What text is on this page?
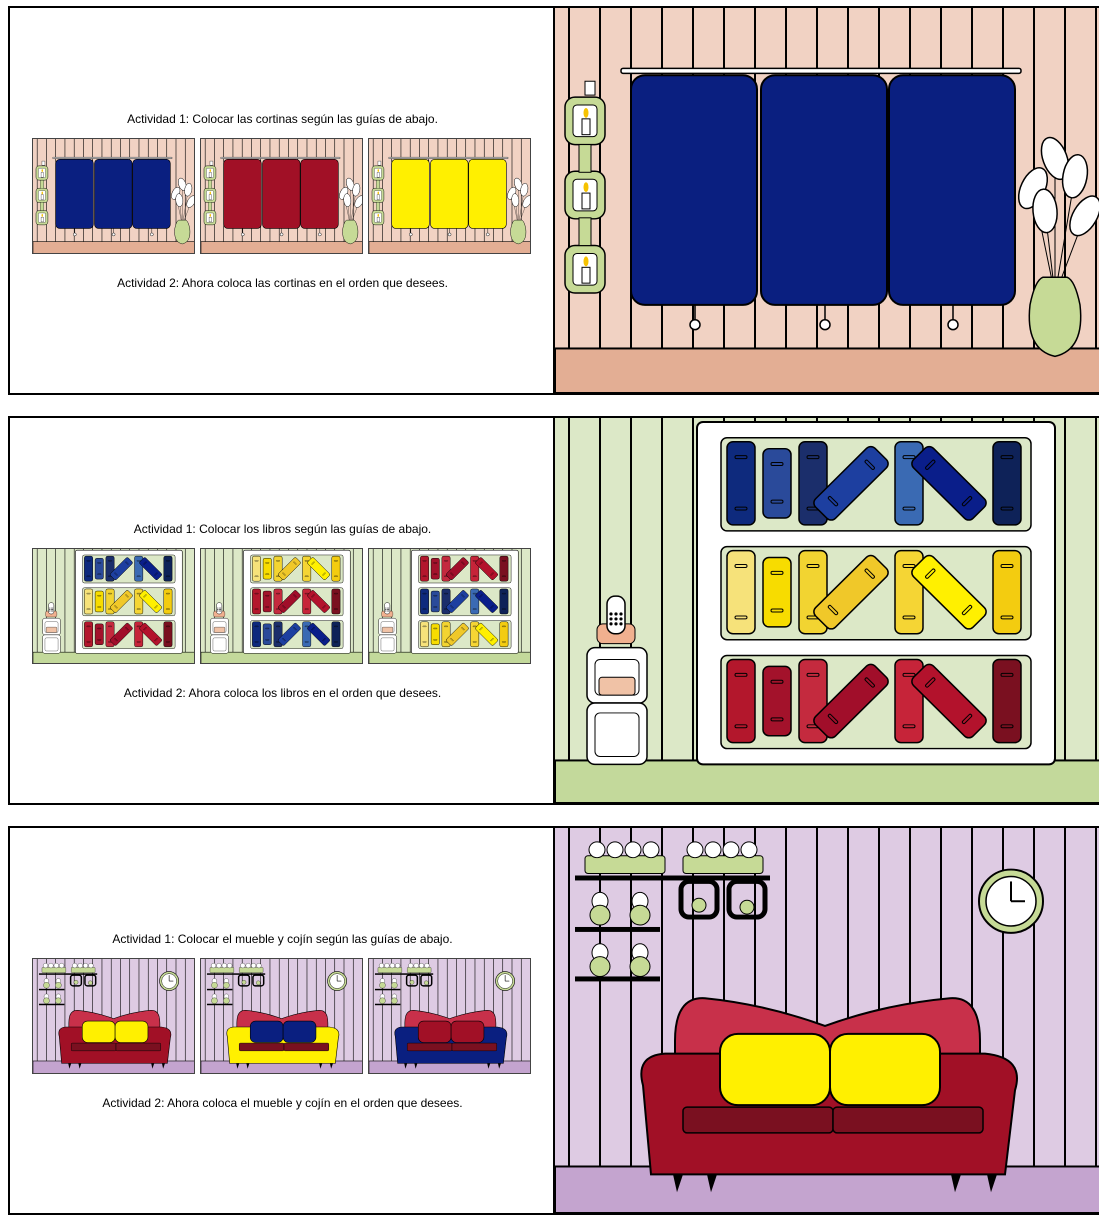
Actividad 1: Colocar las cortinas según las guías de abajo.

Actividad 2: Ahora coloca las cortinas en el orden que desees.

Actividad 1: Colocar los libros según las guías de abajo.

Actividad 2: Ahora coloca los libros en el orden que desees.

Actividad 1: Colocar el mueble y cojín según las guías de abajo.

Actividad 2: Ahora coloca el mueble y cojín en el orden que desees.
